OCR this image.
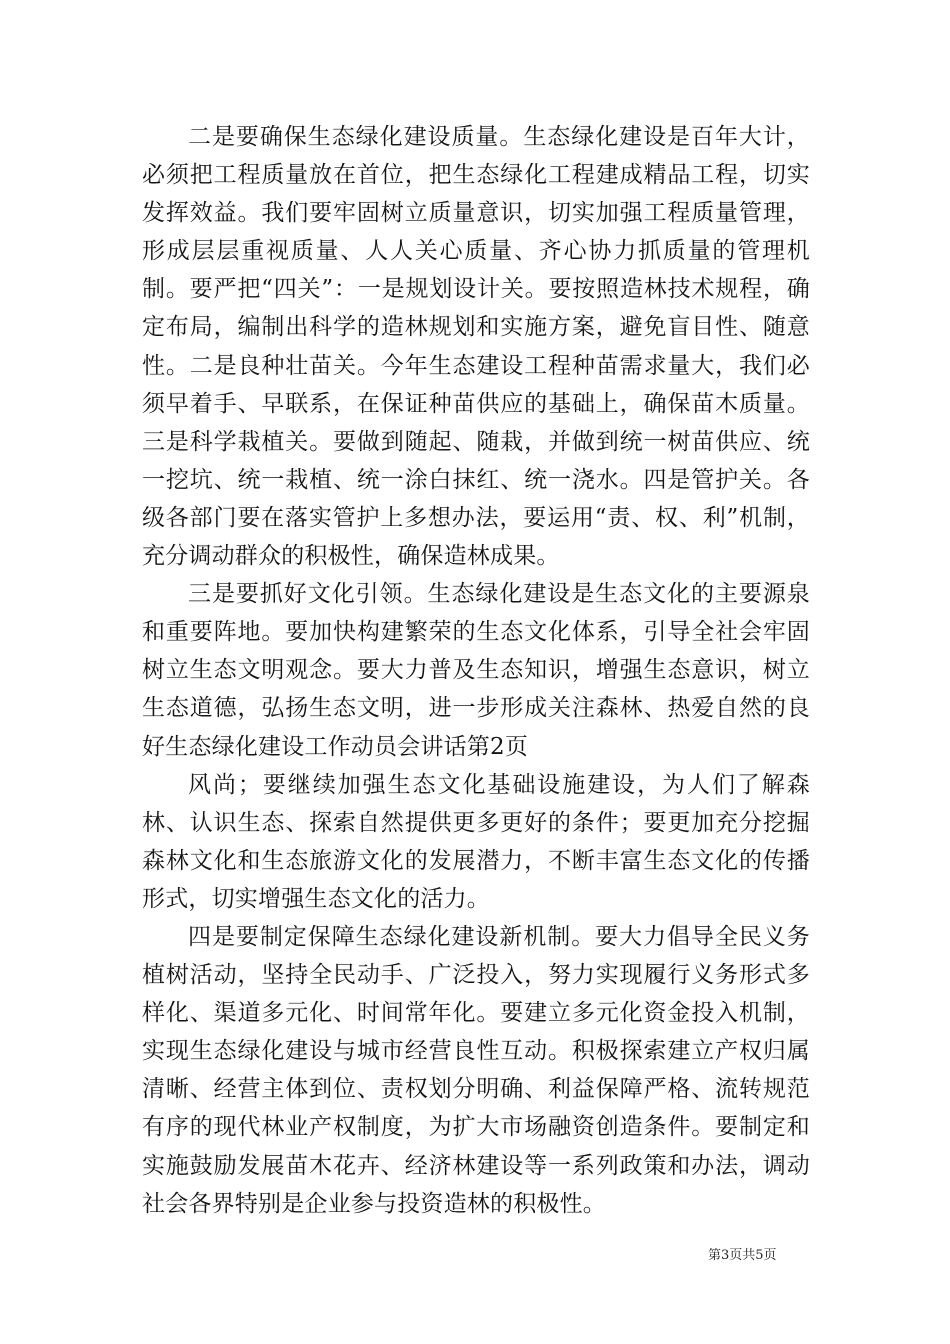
二是要确保生态绿化建设质量。生态绿化建设是百年大计，必须把工程质量放在首位，把生态绿化工程建成精品工程，切实发挥效益。我们要牢固树立质量意识，切实加强工程质量管理，形成层层重视质量、人人关心质量、齐心协力抓质量的管理机制。要严把“四关”：一是规划设计关。要按照造林技术规程，确定布局，编制出科学的造林规划和实施方案，避免盲目性、随意性。二是良种壮苗关。今年生态建设工程种苗需求量大，我们必须早着手、早联系，在保证种苗供应的基础上，确保苗木质量。三是科学栽植关。要做到随起、随栽，并做到统一树苗供应、统一挖坑、统一栽植、统一涂白抹红、统一浇水。四是管护关。各级各部门要在落实管护上多想办法，要运用“责、权、利”机制，充分调动群众的积极性，确保造林成果。

三是要抓好文化引领。生态绿化建设是生态文化的主要源泉和重要阵地。要加快构建繁荣的生态文化体系，引导全社会牢固树立生态文明观念。要大力普及生态知识，增强生态意识，树立生态道德，弘扬生态文明，进一步形成关注森林、热爱自然的良好生态绿化建设工作动员会讲话第2页

风尚；要继续加强生态文化基础设施建设，为人们了解森林、认识生态、探索自然提供更多更好的条件；要更加充分挖掘森林文化和生态旅游文化的发展潜力，不断丰富生态文化的传播形式，切实增强生态文化的活力。

四是要制定保障生态绿化建设新机制。要大力倡导全民义务植树活动，坚持全民动手、广泛投入，努力实现履行义务形式多样化、渠道多元化、时间常年化。要建立多元化资金投入机制，实现生态绿化建设与城市经营良性互动。积极探索建立产权归属清晰、经营主体到位、责权划分明确、利益保障严格、流转规范有序的现代林业产权制度，为扩大市场融资创造条件。要制定和实施鼓励发展苗木花卉、经济林建设等一系列政策和办法，调动社会各界特别是企业参与投资造林的积极性。

第3页共5页
